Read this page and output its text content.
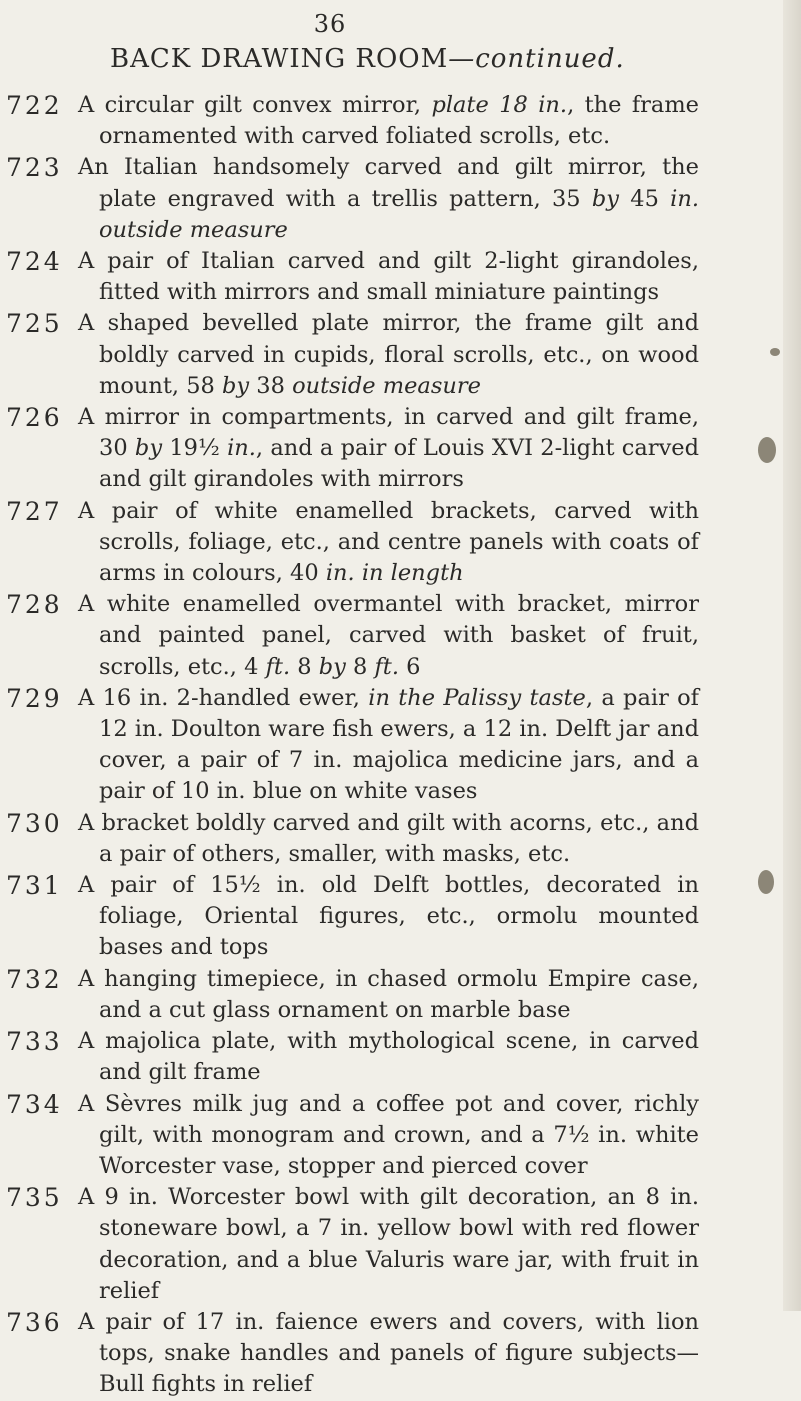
36
BACK DRAWING ROOM—continued.
722 A circular gilt convex mirror, plate 18 in., the frame ornamented with carved foliated scrolls, etc.
723 An Italian handsomely carved and gilt mirror, the plate engraved with a trellis pattern, 35 by 45 in. outside measure
724 A pair of Italian carved and gilt 2-light girandoles, fitted with mirrors and small miniature paintings
725 A shaped bevelled plate mirror, the frame gilt and boldly carved in cupids, floral scrolls, etc., on wood mount, 58 by 38 outside measure
726 A mirror in compartments, in carved and gilt frame, 30 by 19½ in., and a pair of Louis XVI 2-light carved and gilt girandoles with mirrors
727 A pair of white enamelled brackets, carved with scrolls, foliage, etc., and centre panels with coats of arms in colours, 40 in. in length
728 A white enamelled overmantel with bracket, mirror and painted panel, carved with basket of fruit, scrolls, etc., 4 ft. 8 by 8 ft. 6
729 A 16 in. 2-handled ewer, in the Palissy taste, a pair of 12 in. Doulton ware fish ewers, a 12 in. Delft jar and cover, a pair of 7 in. majolica medicine jars, and a pair of 10 in. blue on white vases
730 A bracket boldly carved and gilt with acorns, etc., and a pair of others, smaller, with masks, etc.
731 A pair of 15½ in. old Delft bottles, decorated in foliage, Oriental figures, etc., ormolu mounted bases and tops
732 A hanging timepiece, in chased ormolu Empire case, and a cut glass ornament on marble base
733 A majolica plate, with mythological scene, in carved and gilt frame
734 A Sèvres milk jug and a coffee pot and cover, richly gilt, with monogram and crown, and a 7½ in. white Worcester vase, stopper and pierced cover
735 A 9 in. Worcester bowl with gilt decoration, an 8 in. stoneware bowl, a 7 in. yellow bowl with red flower decoration, and a blue Valuris ware jar, with fruit in relief
736 A pair of 17 in. faience ewers and covers, with lion tops, snake handles and panels of figure subjects—Bull fights in relief
